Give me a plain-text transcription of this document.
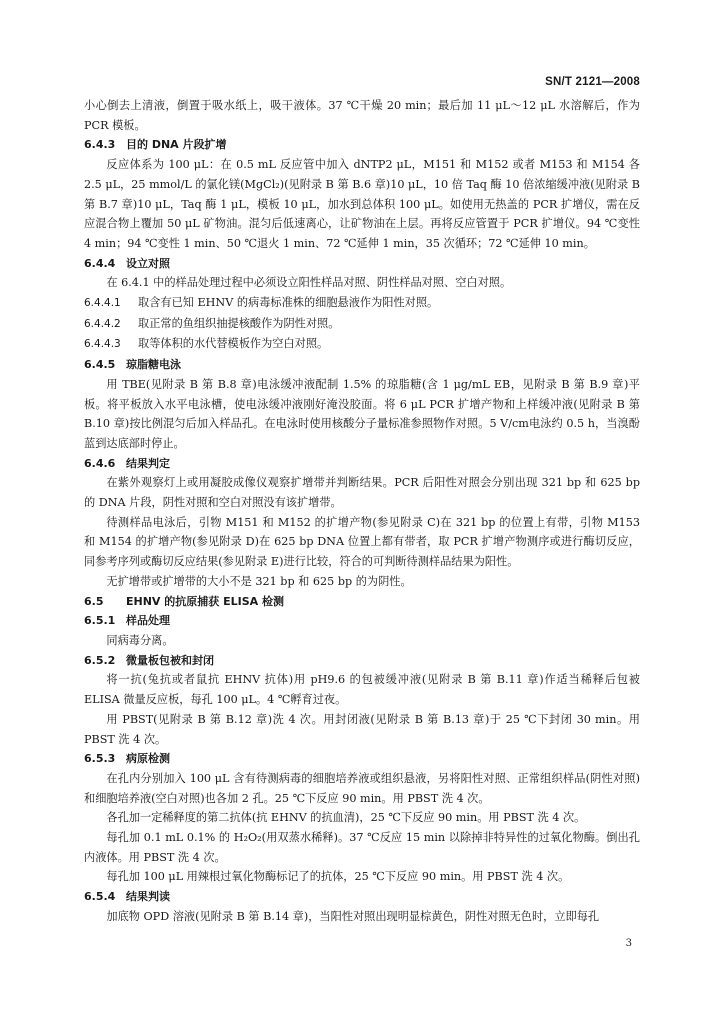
SN/T 2121—2008

小心倒去上清液，倒置于吸水纸上，吸干液体。37 ℃干燥 20 min；最后加 11 μL～12 μL 水溶解后，作为 PCR 模板。

6.4.3 目的 DNA 片段扩增

反应体系为 100 μL：在 0.5 mL 反应管中加入 dNTP2 μL，M151 和 M152 或者 M153 和 M154 各 2.5 μL，25 mmol/L 的氯化镁(MgCl₂)(见附录 B 第 B.6 章)10 μL，10 倍 Taq 酶 10 倍浓缩缓冲液(见附录 B 第 B.7 章)10 μL，Taq 酶 1 μL，模板 10 μL，加水到总体积 100 μL。如使用无热盖的 PCR 扩增仪，需在反应混合物上覆加 50 μL 矿物油。混匀后低速离心，让矿物油在上层。再将反应管置于 PCR 扩增仪。94 ℃变性 4 min；94 ℃变性 1 min、50 ℃退火 1 min、72 ℃延伸 1 min，35 次循环；72 ℃延伸 10 min。

6.4.4 设立对照

在 6.4.1 中的样品处理过程中必须设立阳性样品对照、阴性样品对照、空白对照。

6.4.4.1 取含有已知 EHNV 的病毒标准株的细胞悬液作为阳性对照。

6.4.4.2 取正常的鱼组织抽提核酸作为阴性对照。

6.4.4.3 取等体积的水代替模板作为空白对照。

6.4.5 琼脂糖电泳

用 TBE(见附录 B 第 B.8 章)电泳缓冲液配制 1.5% 的琼脂糖(含 1 μg/mL EB，见附录 B 第 B.9 章)平板。将平板放入水平电泳槽，使电泳缓冲液刚好淹没胶面。将 6 μL PCR 扩增产物和上样缓冲液(见附录 B 第 B.10 章)按比例混匀后加入样品孔。在电泳时使用核酸分子量标准参照物作对照。5 V/cm电泳约 0.5 h，当溴酚蓝到达底部时停止。

6.4.6 结果判定

在紫外观察灯上或用凝胶成像仪观察扩增带并判断结果。PCR 后阳性对照会分别出现 321 bp 和 625 bp 的 DNA 片段，阴性对照和空白对照没有该扩增带。

待测样品电泳后，引物 M151 和 M152 的扩增产物(参见附录 C)在 321 bp 的位置上有带，引物 M153 和 M154 的扩增产物(参见附录 D)在 625 bp DNA 位置上都有带者，取 PCR 扩增产物测序或进行酶切反应，同参考序列或酶切反应结果(参见附录 E)进行比较，符合的可判断待测样品结果为阳性。

无扩增带或扩增带的大小不是 321 bp 和 625 bp 的为阴性。

6.5 EHNV 的抗原捕获 ELISA 检测

6.5.1 样品处理

同病毒分离。

6.5.2 微量板包被和封闭

将一抗(兔抗或者鼠抗 EHNV 抗体)用 pH9.6 的包被缓冲液(见附录 B 第 B.11 章)作适当稀释后包被 ELISA 微量反应板，每孔 100 μL。4 ℃孵育过夜。

用 PBST(见附录 B 第 B.12 章)洗 4 次。用封闭液(见附录 B 第 B.13 章)于 25 ℃下封闭 30 min。用 PBST 洗 4 次。

6.5.3 病原检测

在孔内分别加入 100 μL 含有待测病毒的细胞培养液或组织悬液，另将阳性对照、正常组织样品(阴性对照)和细胞培养液(空白对照)也各加 2 孔。25 ℃下反应 90 min。用 PBST 洗 4 次。

各孔加一定稀释度的第二抗体(抗 EHNV 的抗血清)，25 ℃下反应 90 min。用 PBST 洗 4 次。

每孔加 0.1 mL 0.1% 的 H₂O₂(用双蒸水稀释)。37 ℃反应 15 min 以除掉非特异性的过氧化物酶。倒出孔内液体。用 PBST 洗 4 次。

每孔加 100 μL 用辣根过氧化物酶标记了的抗体，25 ℃下反应 90 min。用 PBST 洗 4 次。

6.5.4 结果判读

加底物 OPD 溶液(见附录 B 第 B.14 章)，当阳性对照出现明显棕黄色，阴性对照无色时，立即每孔

3
